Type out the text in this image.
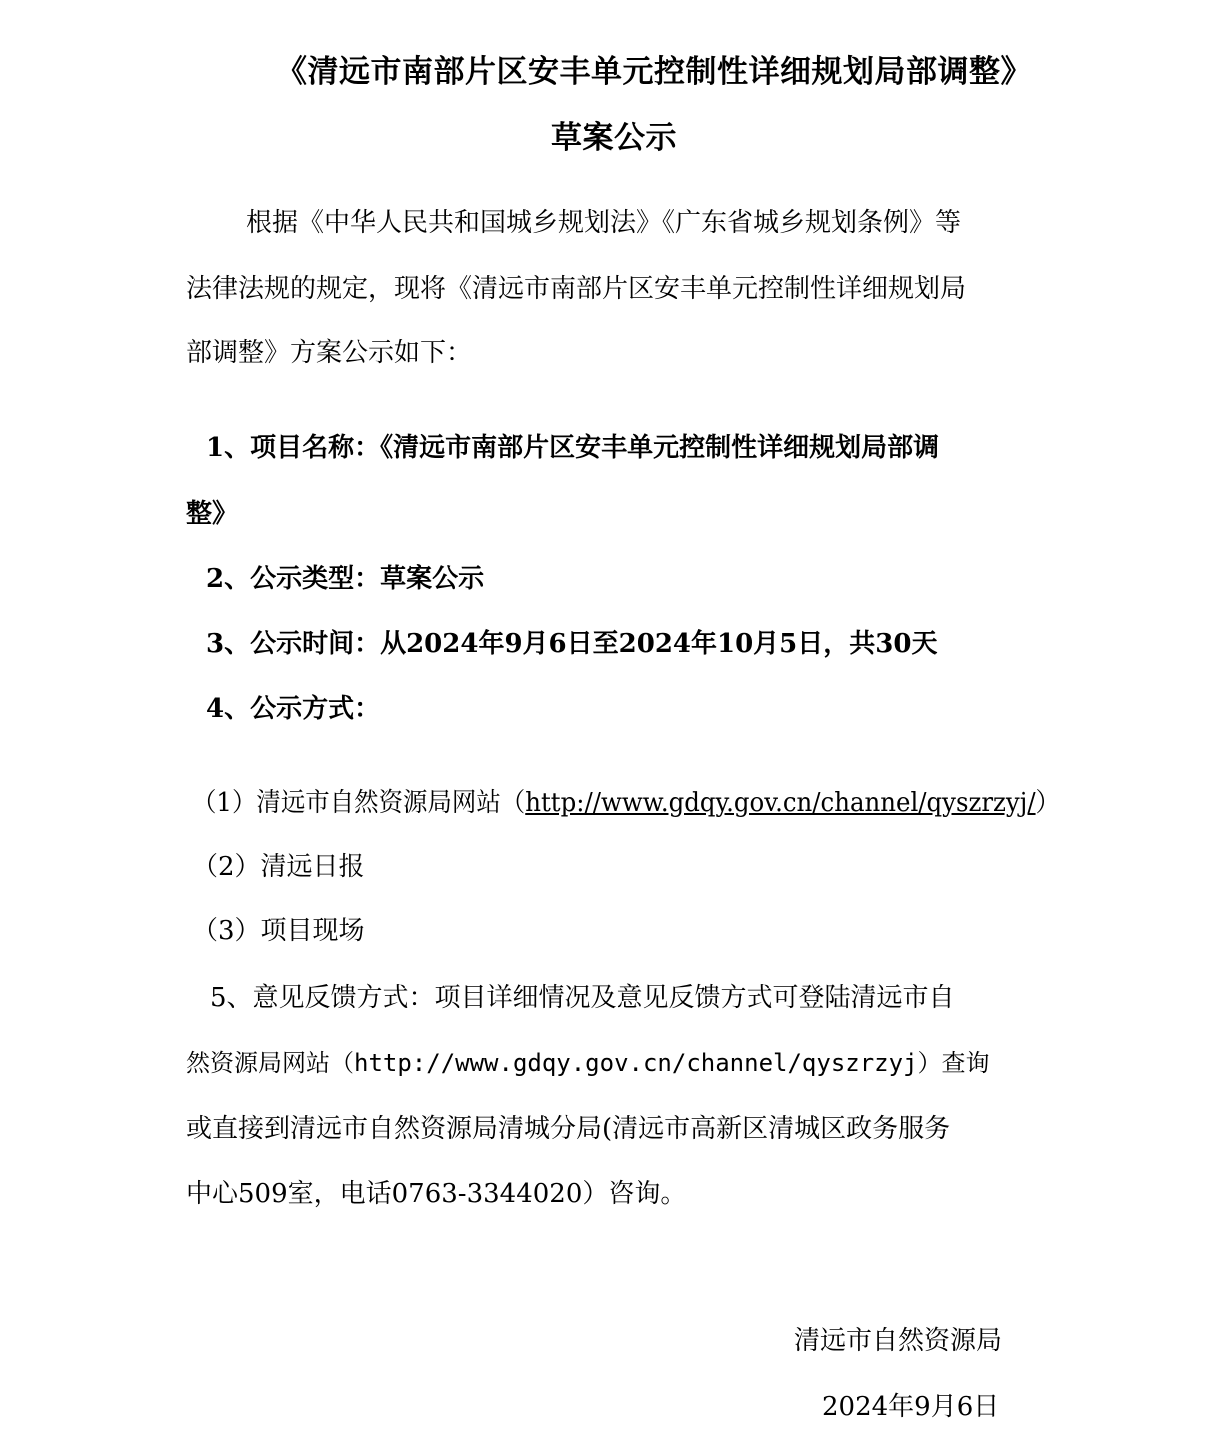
《清远市南部片区安丰单元控制性详细规划局部调整》
草案公示
根据《中华人民共和国城乡规划法》《广东省城乡规划条例》等
法律法规的规定，现将《清远市南部片区安丰单元控制性详细规划局
部调整》方案公示如下：
1、项目名称：《清远市南部片区安丰单元控制性详细规划局部调
整》
2、公示类型：草案公示
3、公示时间：从2024年9月6日至2024年10月5日，共30天
4、公示方式：
（1）清远市自然资源局网站（http://www.gdqy.gov.cn/channel/qyszrzyj/）
（2）清远日报
（3）项目现场
5、意见反馈方式：项目详细情况及意见反馈方式可登陆清远市自
然资源局网站（http://www.gdqy.gov.cn/channel/qyszrzyj）查询
或直接到清远市自然资源局清城分局(清远市高新区清城区政务服务
中心509室，电话0763-3344020）咨询。
清远市自然资源局
2024年9月6日
